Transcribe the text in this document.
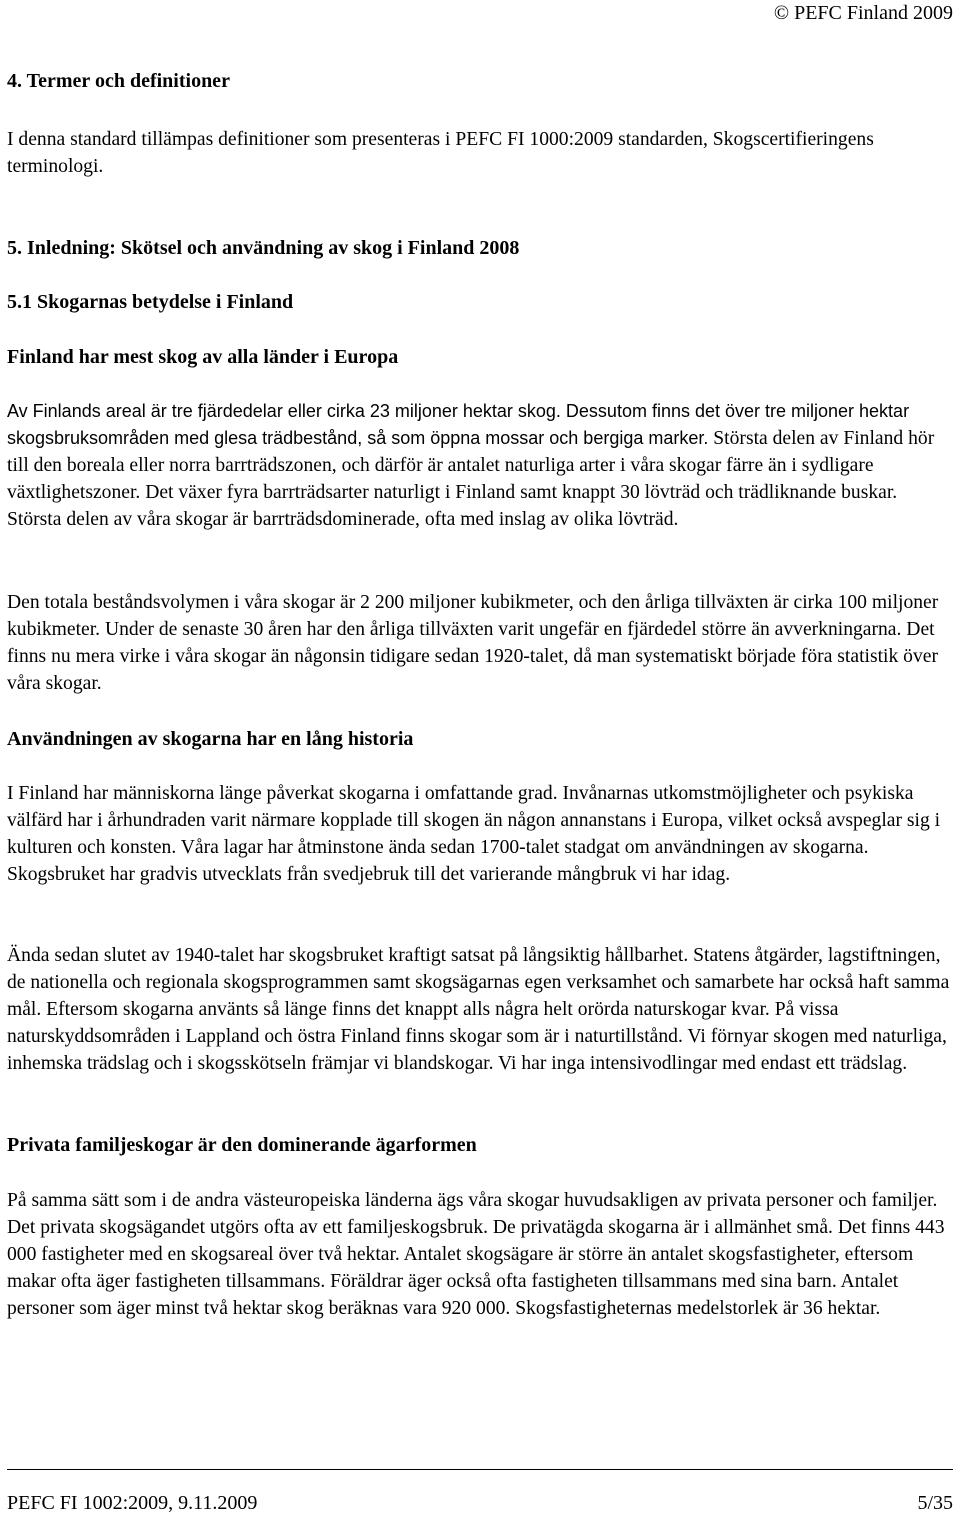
© PEFC Finland 2009
4. Termer och definitioner

I denna standard tillämpas definitioner som presenteras i PEFC FI 1000:2009 standarden, Skogscertifieringens terminologi.

5. Inledning: Skötsel och användning av skog i Finland 2008
5.1 Skogarnas betydelse i Finland
Finland har mest skog av alla länder i Europa

Av Finlands areal är tre fjärdedelar eller cirka 23 miljoner hektar skog. Dessutom finns det över tre miljoner hektar skogsbruksområden med glesa trädbestånd, så som öppna mossar och bergiga marker. Största delen av Finland hör till den boreala eller norra barrträdszonen, och därför är antalet naturliga arter i våra skogar färre än i sydligare växtlighetszoner. Det växer fyra barrträdsarter naturligt i Finland samt knappt 30 lövträd och trädliknande buskar. Största delen av våra skogar är barrträdsdominerade, ofta med inslag av olika lövträd.

Den totala beståndsvolymen i våra skogar är 2 200 miljoner kubikmeter, och den årliga tillväxten är cirka 100 miljoner kubikmeter. Under de senaste 30 åren har den årliga tillväxten varit ungefär en fjärdedel större än avverkningarna. Det finns nu mera virke i våra skogar än någonsin tidigare sedan 1920-talet, då man systematiskt började föra statistik över våra skogar.

Användningen av skogarna har en lång historia

I Finland har människorna länge påverkat skogarna i omfattande grad. Invånarnas utkomstmöjligheter och psykiska välfärd har i århundraden varit närmare kopplade till skogen än någon annanstans i Europa, vilket också avspeglar sig i kulturen och konsten. Våra lagar har åtminstone ända sedan 1700-talet stadgat om användningen av skogarna. Skogsbruket har gradvis utvecklats från svedjebruk till det varierande mångbruk vi har idag.

Ända sedan slutet av 1940-talet har skogsbruket kraftigt satsat på långsiktig hållbarhet. Statens åtgärder, lagstiftningen, de nationella och regionala skogsprogrammen samt skogsägarnas egen verksamhet och samarbete har också haft samma mål. Eftersom skogarna använts så länge finns det knappt alls några helt orörda naturskogar kvar. På vissa naturskyddsområden i Lappland och östra Finland finns skogar som är i naturtillstånd. Vi förnyar skogen med naturliga, inhemska trädslag och i skogsskötseln främjar vi blandskogar. Vi har inga intensivodlingar med endast ett trädslag.

Privata familjeskogar är den dominerande ägarformen

På samma sätt som i de andra västeuropeiska länderna ägs våra skogar huvudsakligen av privata personer och familjer. Det privata skogsägandet utgörs ofta av ett familjeskogsbruk. De privatägda skogarna är i allmänhet små. Det finns 443 000 fastigheter med en skogsareal över två hektar. Antalet skogsägare är större än antalet skogsfastigheter, eftersom makar ofta äger fastigheten tillsammans. Föräldrar äger också ofta fastigheten tillsammans med sina barn. Antalet personer som äger minst två hektar skog beräknas vara 920 000. Skogsfastigheternas medelstorlek är 36 hektar.

PEFC FI 1002:2009, 9.11.2009	5/35
